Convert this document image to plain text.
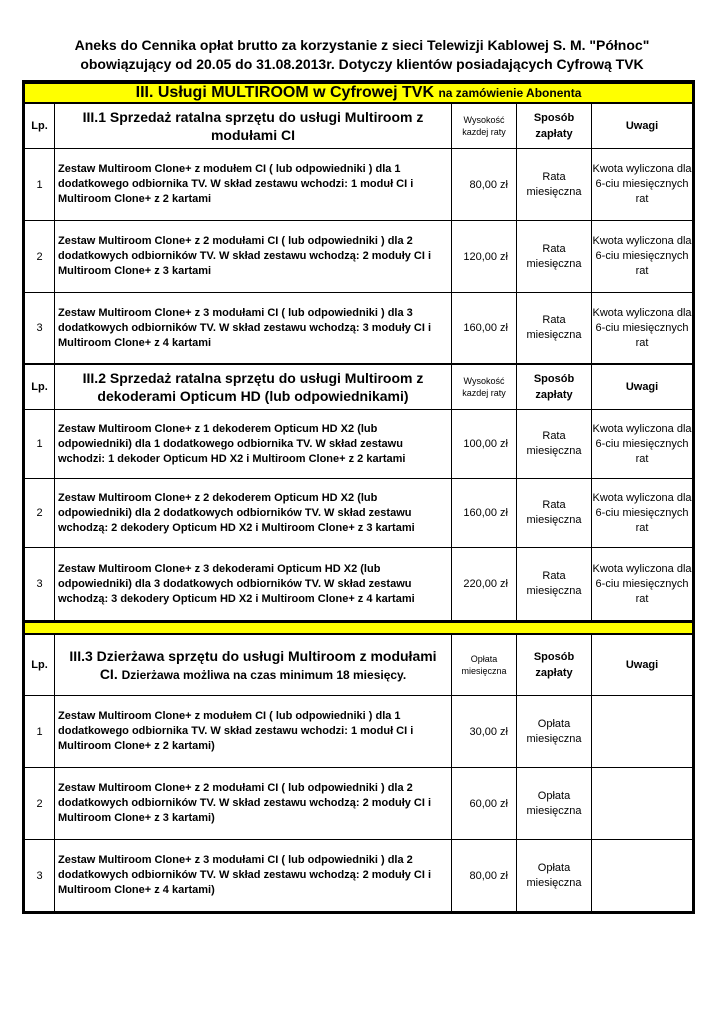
Aneks do Cennika opłat brutto za korzystanie z sieci Telewizji Kablowej S. M. "Północ"
obowiązujący od 20.05 do 31.08.2013r. Dotyczy klientów posiadających Cyfrową TVK
III. Usługi MULTIROOM w Cyfrowej TVK na zamówienie Abonenta				
Lp.	III.1 Sprzedaż ratalna sprzętu do usługi Multiroom z modułami CI	Wysokość kazdej raty	Sposób zapłaty	Uwagi
1	Zestaw Multiroom Clone+ z modułem CI ( lub odpowiedniki ) dla 1 dodatkowego odbiornika TV. W skład zestawu wchodzi: 1 moduł CI i Multiroom Clone+ z 2 kartami	80,00 zł	Rata miesięczna	Kwota wyliczona dla 6-ciu miesięcznych rat
2	Zestaw Multiroom Clone+ z 2 modułami CI ( lub odpowiedniki ) dla 2 dodatkowych odbiorników TV. W skład zestawu wchodzą: 2 moduły CI i Multiroom Clone+ z 3 kartami	120,00 zł	Rata miesięczna	Kwota wyliczona dla 6-ciu miesięcznych rat
3	Zestaw Multiroom Clone+ z 3 modułami CI ( lub odpowiedniki ) dla 3 dodatkowych odbiorników TV. W skład zestawu wchodzą: 3 moduły CI i Multiroom Clone+ z 4 kartami	160,00 zł	Rata miesięczna	Kwota wyliczona dla 6-ciu miesięcznych rat
Lp.	III.2 Sprzedaż ratalna sprzętu do usługi Multiroom z dekoderami Opticum HD (lub odpowiednikami)	Wysokość kazdej raty	Sposób zapłaty	Uwagi
1	Zestaw Multiroom Clone+ z 1 dekoderem Opticum HD X2 (lub odpowiedniki) dla 1 dodatkowego odbiornika TV. W skład zestawu wchodzi: 1 dekoder Opticum HD X2 i Multiroom Clone+ z 2 kartami	100,00 zł	Rata miesięczna	Kwota wyliczona dla 6-ciu miesięcznych rat
2	Zestaw Multiroom Clone+ z 2 dekoderem Opticum HD X2 (lub odpowiedniki) dla 2 dodatkowych odbiorników TV. W skład zestawu wchodzą: 2 dekodery Opticum HD X2 i Multiroom Clone+ z 3 kartami	160,00 zł	Rata miesięczna	Kwota wyliczona dla 6-ciu miesięcznych rat
3	Zestaw Multiroom Clone+ z 3 dekoderami Opticum HD X2 (lub odpowiedniki) dla 3 dodatkowych odbiorników TV. W skład zestawu wchodzą: 3 dekodery Opticum HD X2 i Multiroom Clone+ z 4 kartami	220,00 zł	Rata miesięczna	Kwota wyliczona dla 6-ciu miesięcznych rat

Lp.	III.3 Dzierżawa sprzętu do usługi Multiroom z modułami CI. Dzierżawa możliwa na czas minimum 18 miesięcy.	Opłata miesięczna	Sposób zapłaty	Uwagi
1	Zestaw Multiroom Clone+ z modułem CI ( lub odpowiedniki ) dla 1 dodatkowego odbiornika TV. W skład zestawu wchodzi: 1 moduł CI i Multiroom Clone+ z 2 kartami)	30,00 zł	Opłata miesięczna	
2	Zestaw Multiroom Clone+ z 2 modułami CI ( lub odpowiedniki ) dla 2 dodatkowych odbiorników TV. W skład zestawu wchodzą: 2 moduły CI i Multiroom Clone+ z 3 kartami)	60,00 zł	Opłata miesięczna	
3	Zestaw Multiroom Clone+ z 3 modułami CI ( lub odpowiedniki ) dla 2 dodatkowych odbiorników TV. W skład zestawu wchodzą: 2 moduły CI i Multiroom Clone+ z 4 kartami)	80,00 zł	Opłata miesięczna	
